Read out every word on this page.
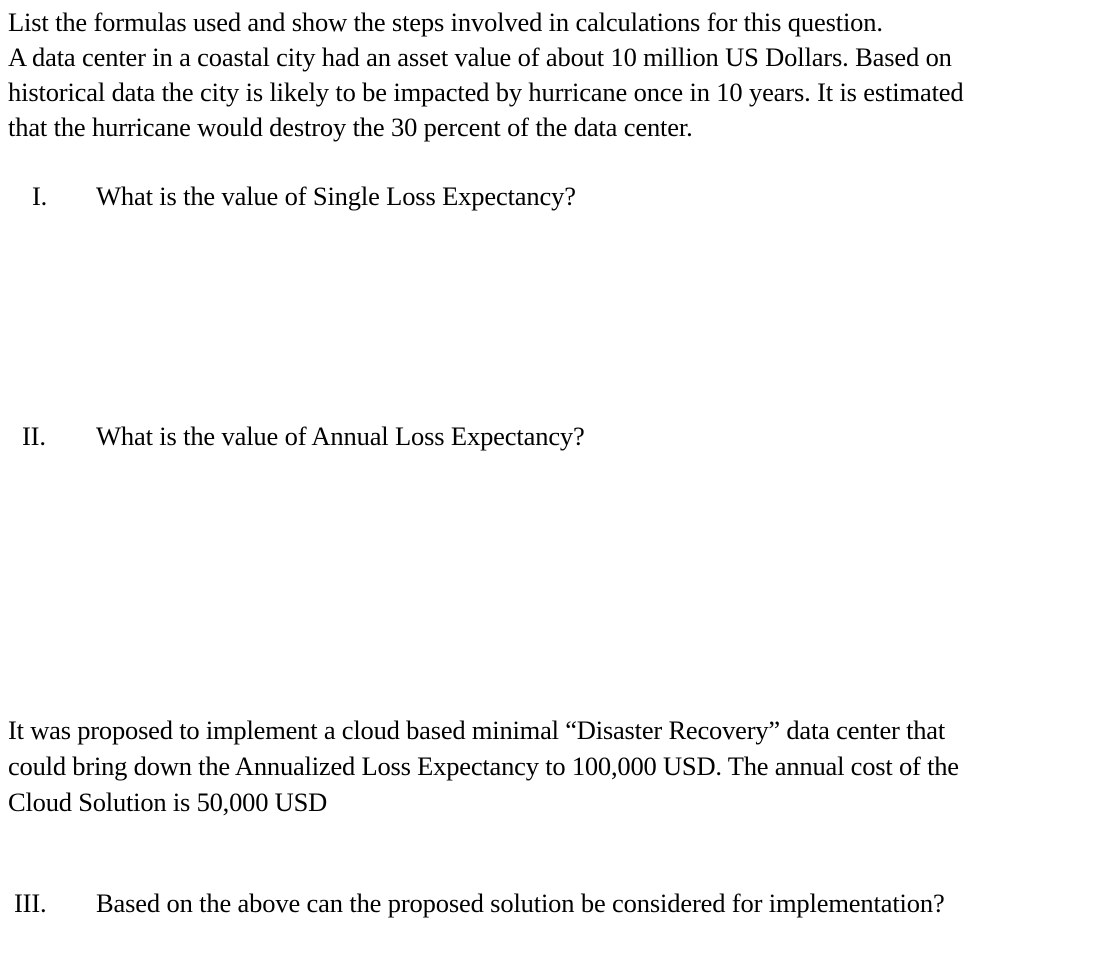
List the formulas used and show the steps involved in calculations for this question.
A data center in a coastal city had an asset value of about 10 million US Dollars. Based on
historical data the city is likely to be impacted by hurricane once in 10 years. It is estimated
that the hurricane would destroy the 30 percent of the data center.
I. What is the value of Single Loss Expectancy?
II. What is the value of Annual Loss Expectancy?
It was proposed to implement a cloud based minimal “Disaster Recovery” data center that
could bring down the Annualized Loss Expectancy to 100,000 USD. The annual cost of the
Cloud Solution is 50,000 USD
III. Based on the above can the proposed solution be considered for implementation?
